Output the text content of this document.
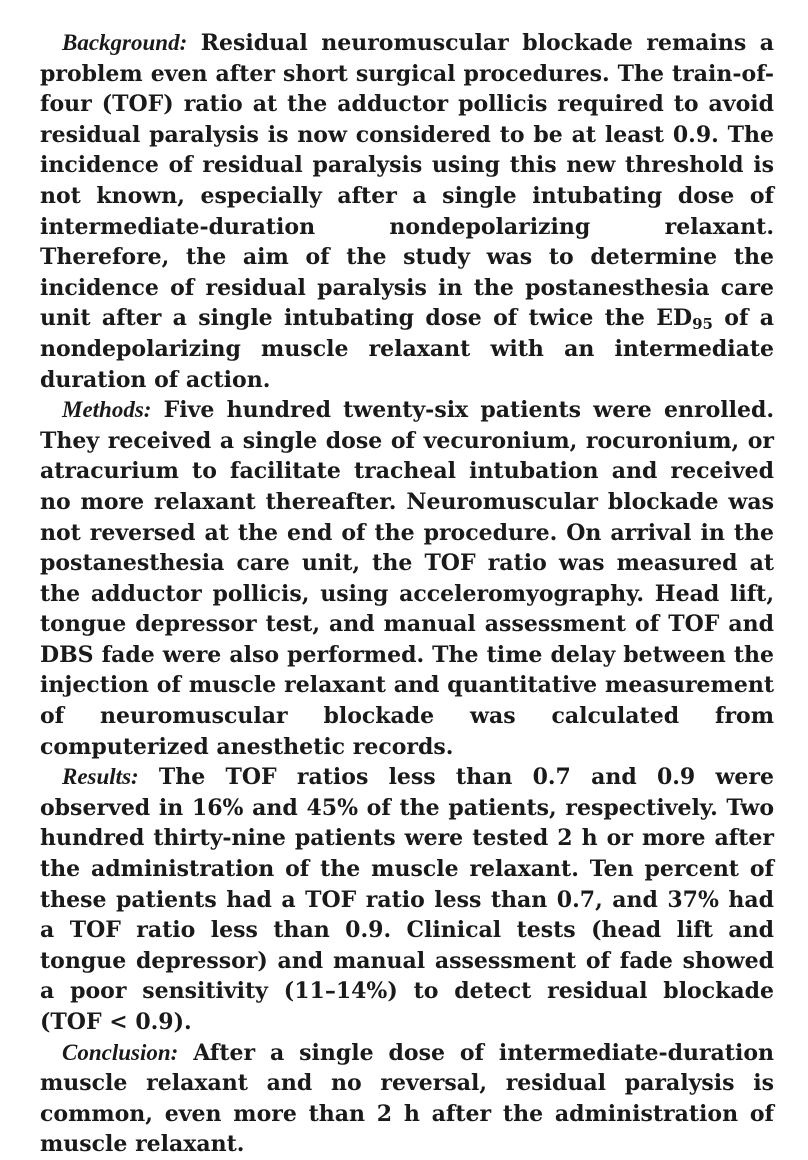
Background: Residual neuromuscular blockade remains a problem even after short surgical procedures. The train-of-four (TOF) ratio at the adductor pollicis required to avoid residual paralysis is now considered to be at least 0.9. The incidence of residual paralysis using this new threshold is not known, especially after a single intubating dose of intermediate-duration nondepolarizing relaxant. Therefore, the aim of the study was to determine the incidence of residual paralysis in the postanesthesia care unit after a single intubating dose of twice the $ED_{95}$ of a nondepolarizing muscle relaxant with an intermediate duration of action.

Methods: Five hundred twenty-six patients were enrolled. They received a single dose of vecuronium, rocuronium, or atracurium to facilitate tracheal intubation and received no more relaxant thereafter. Neuromuscular blockade was not reversed at the end of the procedure. On arrival in the postanesthesia care unit, the TOF ratio was measured at the adductor pollicis, using acceleromyography. Head lift, tongue depressor test, and manual assessment of TOF and DBS fade were also performed. The time delay between the injection of muscle relaxant and quantitative measurement of neuromuscular blockade was calculated from computerized anesthetic records.

Results: The TOF ratios less than 0.7 and 0.9 were observed in 16% and 45% of the patients, respectively. Two hundred thirty-nine patients were tested 2 h or more after the administration of the muscle relaxant. Ten percent of these patients had a TOF ratio less than 0.7, and 37% had a TOF ratio less than 0.9. Clinical tests (head lift and tongue depressor) and manual assessment of fade showed a poor sensitivity (11–14%) to detect residual blockade (TOF < 0.9).

Conclusion: After a single dose of intermediate-duration muscle relaxant and no reversal, residual paralysis is common, even more than 2 h after the administration of muscle relaxant.
